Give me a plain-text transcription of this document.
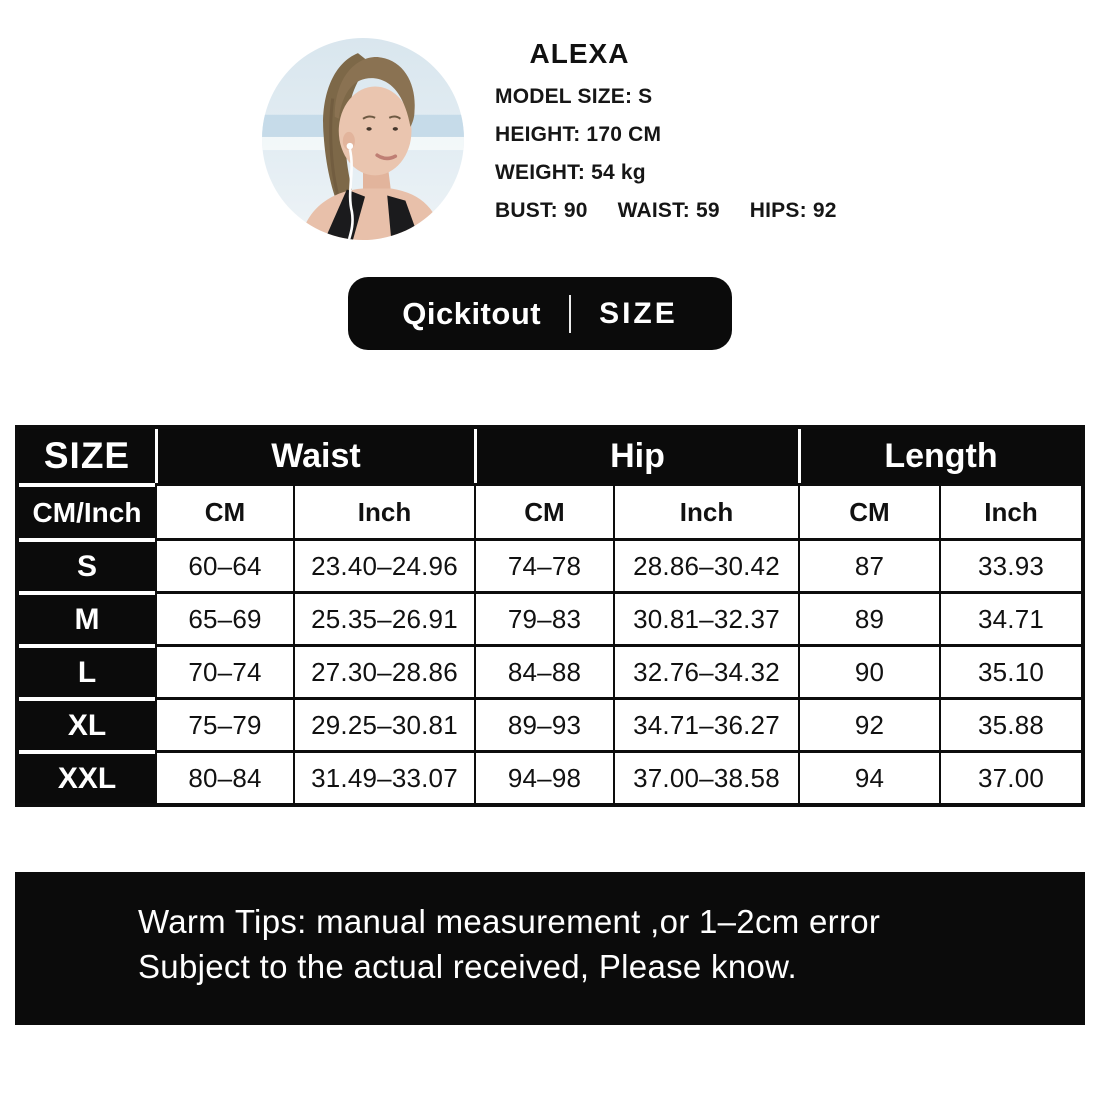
ALEXA
MODEL SIZE: S
HEIGHT: 170 CM
WEIGHT: 54 kg
BUST: 90 WAIST: 59 HIPS: 92
Qickitout SIZE
SIZE	Waist	Hip	Length
CM/Inch	CM	Inch	CM	Inch	CM	Inch
S	60–64	23.40–24.96	74–78	28.86–30.42	87	33.93
M	65–69	25.35–26.91	79–83	30.81–32.37	89	34.71
L	70–74	27.30–28.86	84–88	32.76–34.32	90	35.10
XL	75–79	29.25–30.81	89–93	34.71–36.27	92	35.88
XXL	80–84	31.49–33.07	94–98	37.00–38.58	94	37.00
Warm Tips: manual measurement ,or 1–2cm error
Subject to the actual received, Please know.
